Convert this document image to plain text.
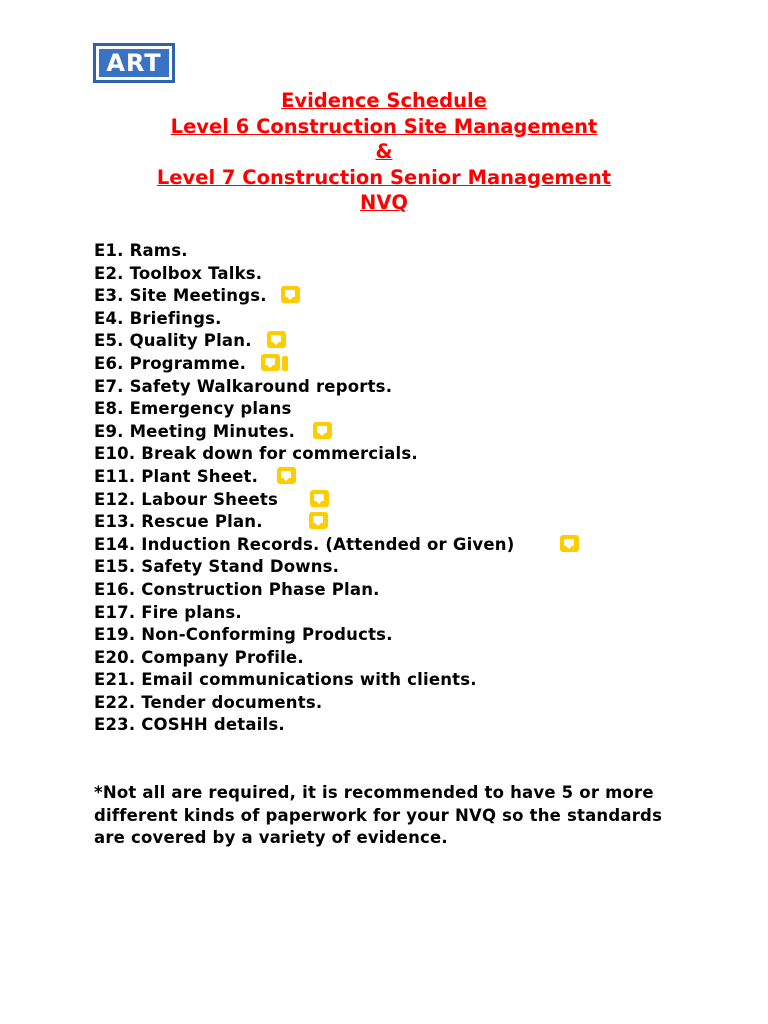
ART
Evidence Schedule
Level 6 Construction Site Management
&
Level 7 Construction Senior Management
NVQ
E1. Rams.
E2. Toolbox Talks.
E3. Site Meetings.
E4. Briefings.
E5. Quality Plan.
E6. Programme.
E7. Safety Walkaround reports.
E8. Emergency plans
E9. Meeting Minutes.
E10. Break down for commercials.
E11. Plant Sheet.
E12. Labour Sheets
E13. Rescue Plan.
E14. Induction Records. (Attended or Given)
E15. Safety Stand Downs.
E16. Construction Phase Plan.
E17. Fire plans.
E19. Non-Conforming Products.
E20. Company Profile.
E21. Email communications with clients.
E22. Tender documents.
E23. COSHH details.
*Not all are required, it is recommended to have 5 or more different kinds of paperwork for your NVQ so the standards are covered by a variety of evidence.
